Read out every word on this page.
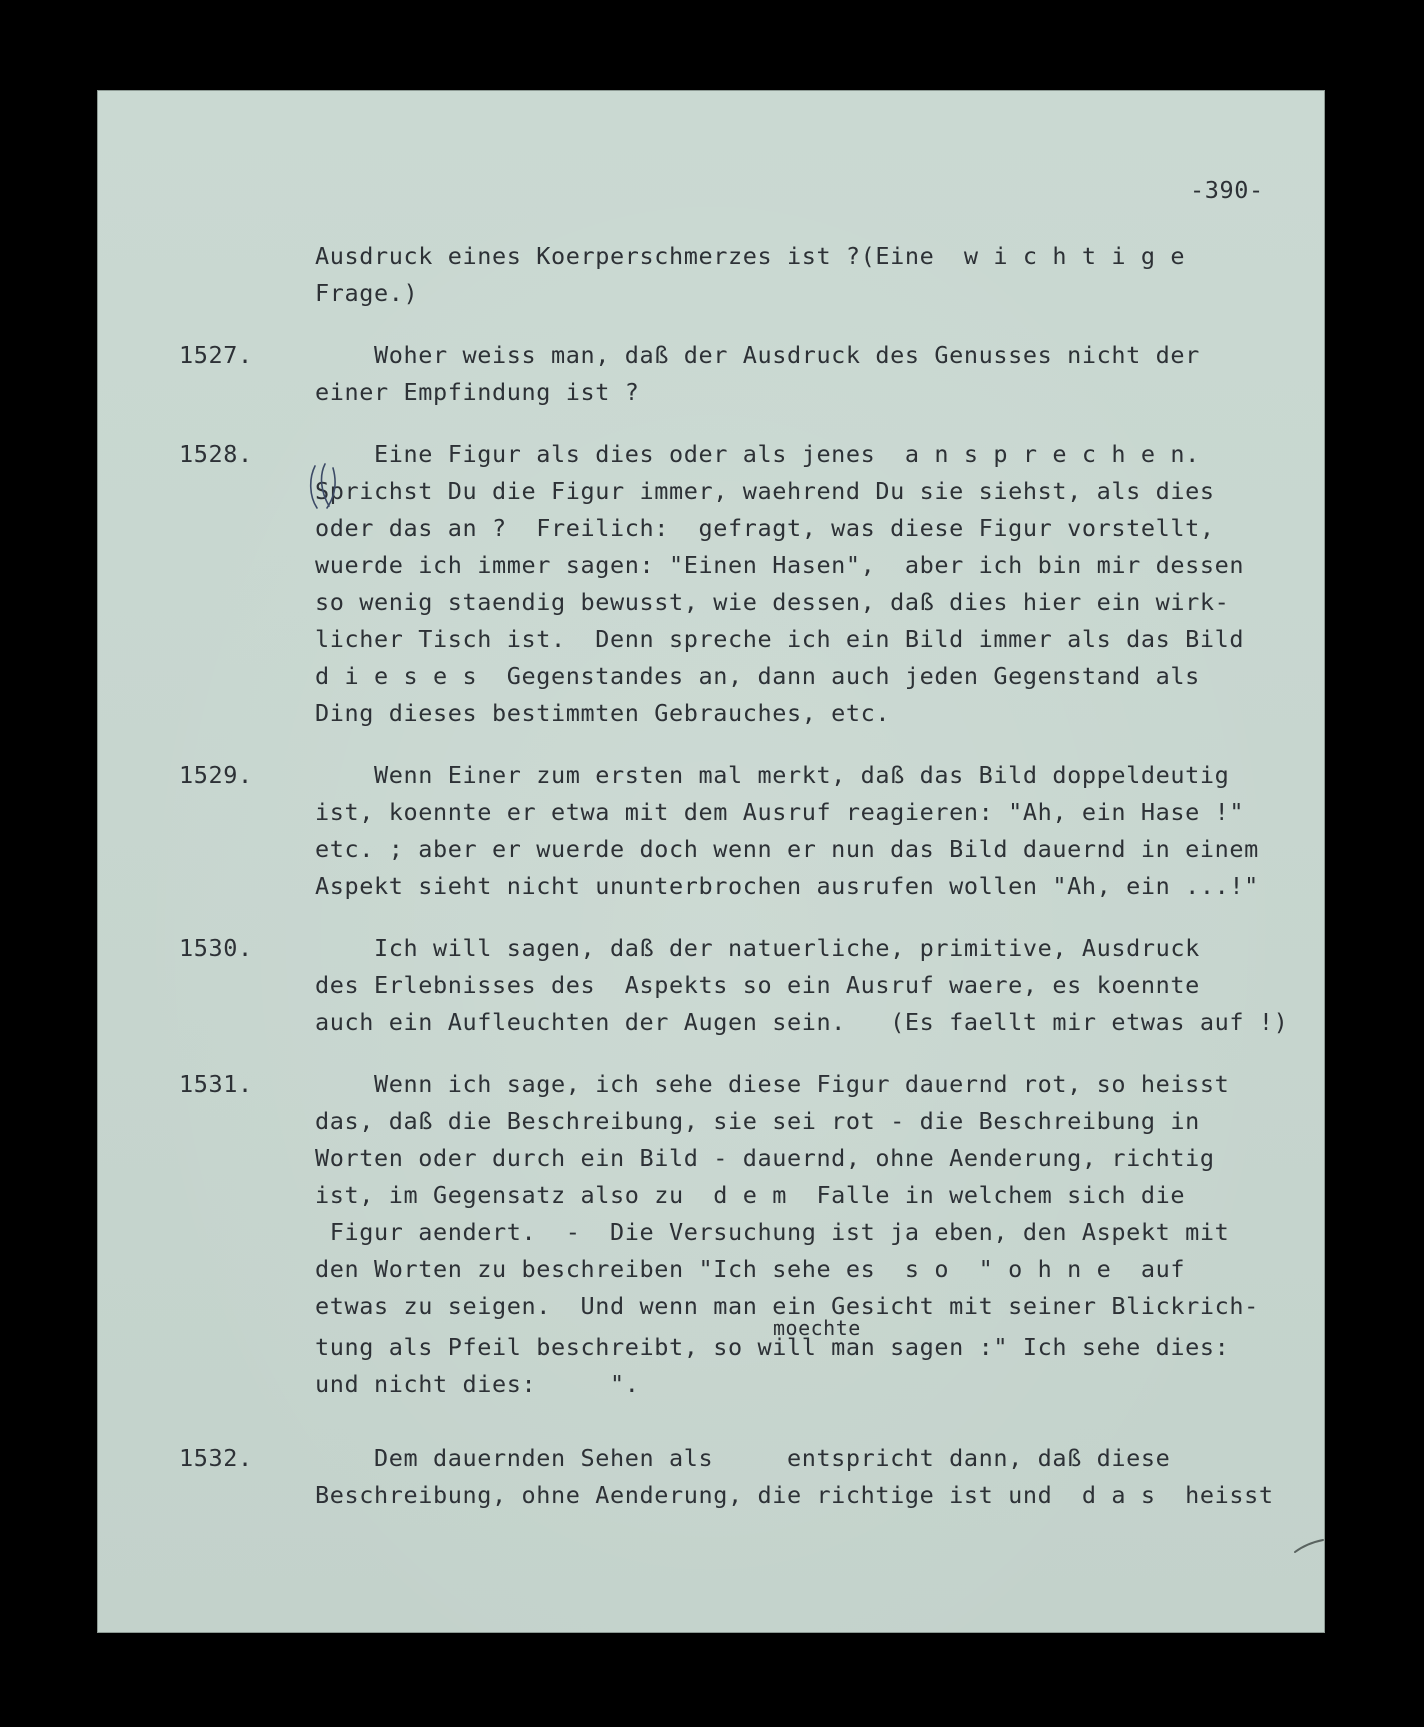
-390-
Ausdruck eines Koerperschmerzes ist ?(Eine  w i c h t i g e
Frage.)
1527.	Woher weiss man, daß der Ausdruck des Genusses nicht der
einer Empfindung ist ?
1528.	Eine Figur als dies oder als jenes  a n s p r e c h e n.
Sprichst Du die Figur immer, waehrend Du sie siehst, als dies
oder das an ?  Freilich:  gefragt, was diese Figur vorstellt,
wuerde ich immer sagen: "Einen Hasen",  aber ich bin mir dessen
so wenig staendig bewusst, wie dessen, daß dies hier ein wirk-
licher Tisch ist.  Denn spreche ich ein Bild immer als das Bild
d i e s e s  Gegenstandes an, dann auch jeden Gegenstand als
Ding dieses bestimmten Gebrauches, etc.
1529.	Wenn Einer zum ersten mal merkt, daß das Bild doppeldeutig
ist, koennte er etwa mit dem Ausruf reagieren: "Ah, ein Hase !"
etc. ; aber er wuerde doch wenn er nun das Bild dauernd in einem
Aspekt sieht nicht ununterbrochen ausrufen wollen "Ah, ein ...!"
1530.	Ich will sagen, daß der natuerliche, primitive, Ausdruck
des Erlebnisses des  Aspekts so ein Ausruf waere, es koennte
auch ein Aufleuchten der Augen sein.   (Es faellt mir etwas auf !)
1531.	Wenn ich sage, ich sehe diese Figur dauernd rot, so heisst
das, daß die Beschreibung, sie sei rot - die Beschreibung in
Worten oder durch ein Bild - dauernd, ohne Aenderung, richtig
ist, im Gegensatz also zu  d e m  Falle in welchem sich die
Figur aendert.  -  Die Versuchung ist ja eben, den Aspekt mit
den Worten zu beschreiben "Ich sehe es  s o  " o h n e  auf
etwas zu seigen.  Und wenn man ein Gesicht mit seiner Blickrich-
moechte
tung als Pfeil beschreibt, so will man sagen :" Ich sehe dies:
und nicht dies:     ".
1532.	Dem dauernden Sehen als     entspricht dann, daß diese
Beschreibung, ohne Aenderung, die richtige ist und  d a s  heisst
